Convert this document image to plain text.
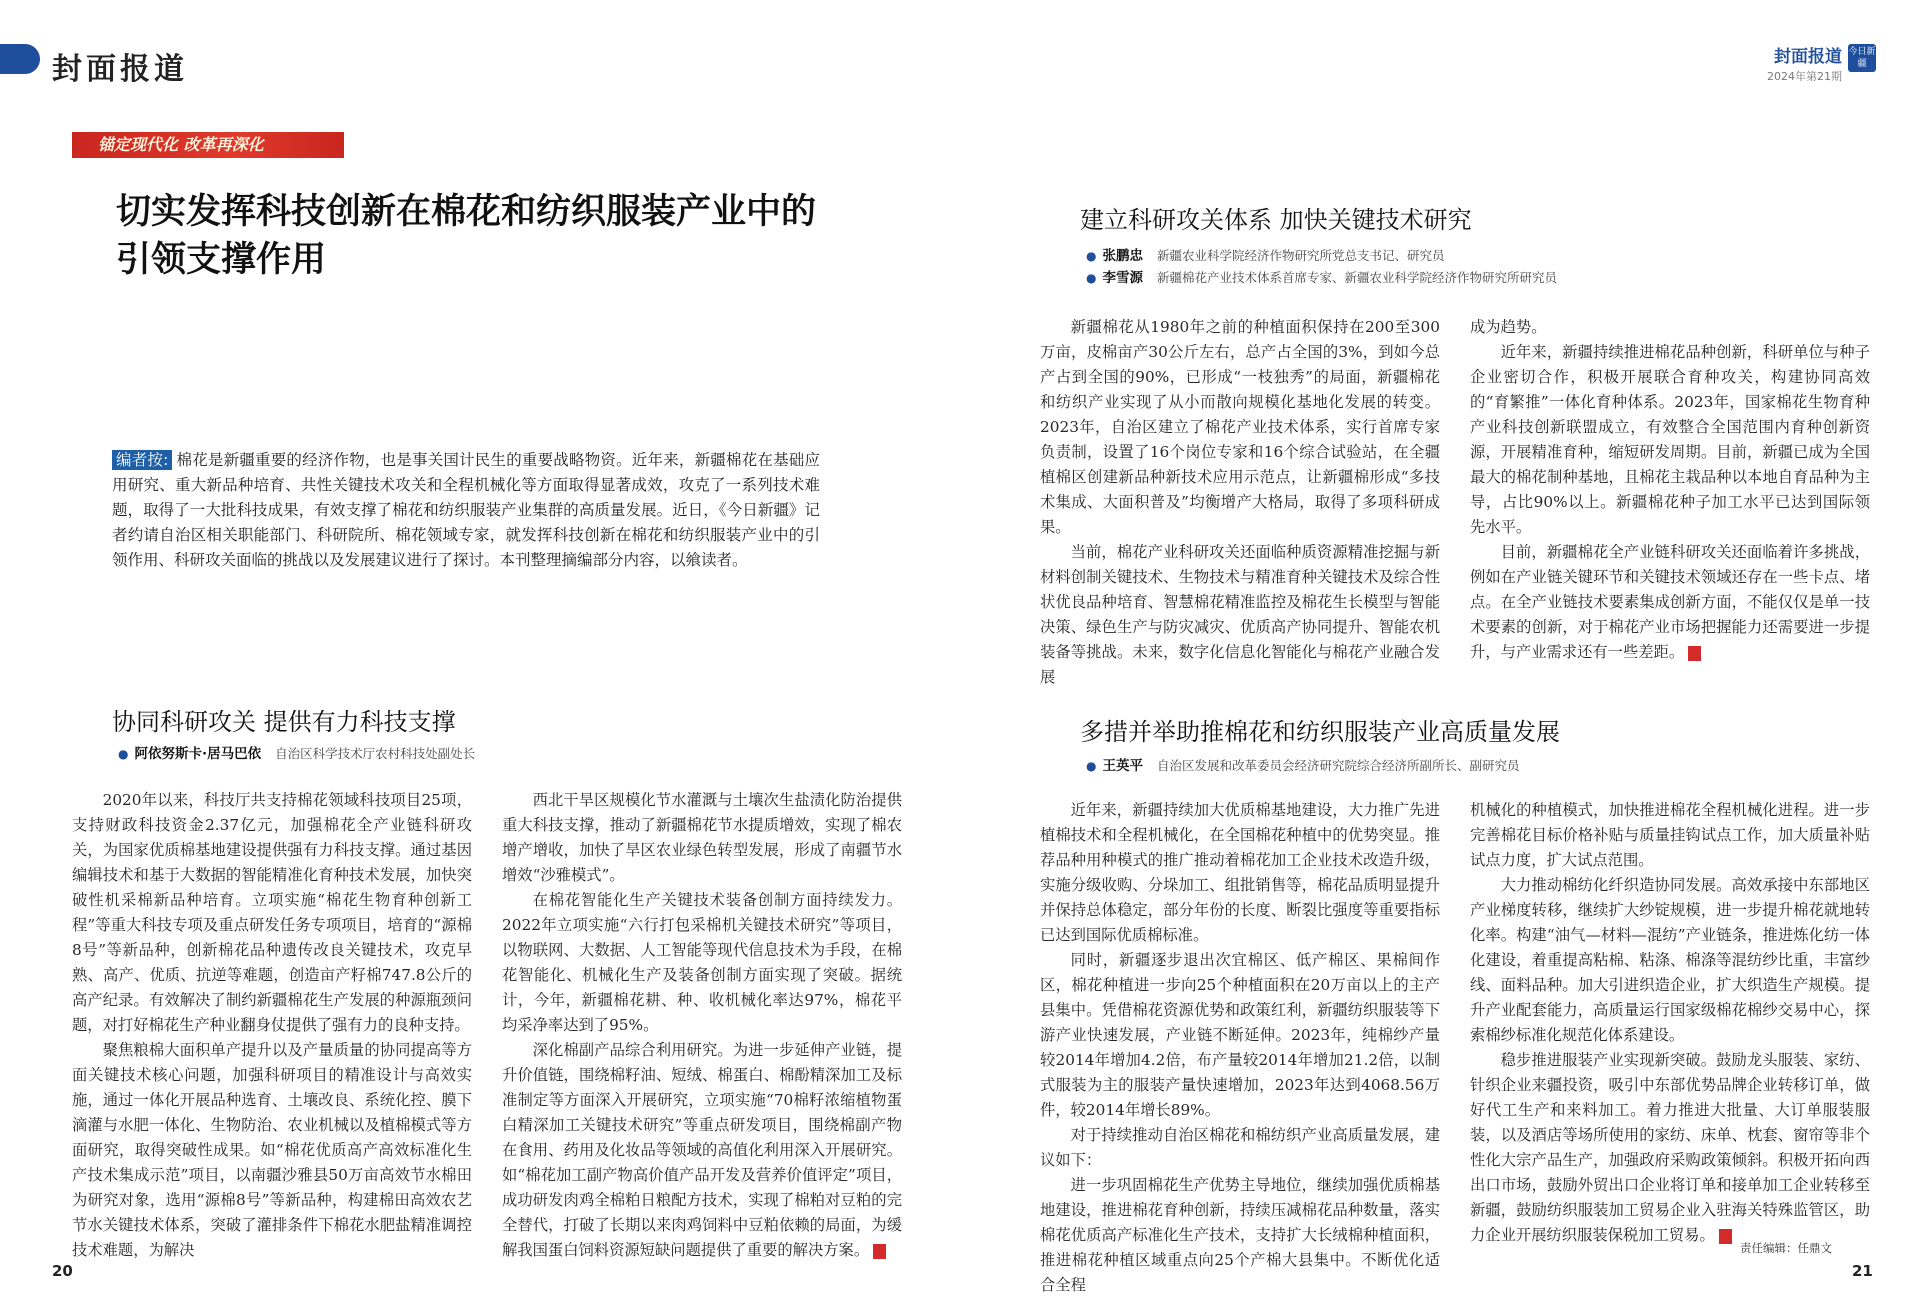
封面报道	封面报道
2024年第21期
今日新疆
锚定现代化 改革再深化
切实发挥科技创新在棉花和纺织服装产业中的引领支撑作用
编者按: 棉花是新疆重要的经济作物，也是事关国计民生的重要战略物资。近年来，新疆棉花在基础应用研究、重大新品种培育、共性关键技术攻关和全程机械化等方面取得显著成效，攻克了一系列技术难题，取得了一大批科技成果，有效支撑了棉花和纺织服装产业集群的高质量发展。近日，《今日新疆》记者约请自治区相关职能部门、科研院所、棉花领域专家，就发挥科技创新在棉花和纺织服装产业中的引领作用、科研攻关面临的挑战以及发展建议进行了探讨。本刊整理摘编部分内容，以飨读者。
协同科研攻关 提供有力科技支撑
● 阿依努斯卡·居马巴依 自治区科学技术厅农村科技处副处长

2020年以来，科技厅共支持棉花领域科技项目25项，支持财政科技资金2.37亿元，加强棉花全产业链科研攻关，为国家优质棉基地建设提供强有力科技支撑。通过基因编辑技术和基于大数据的智能精准化育种技术发展，加快突破性机采棉新品种培育。立项实施“棉花生物育种创新工程”等重大科技专项及重点研发任务专项项目，培育的“源棉8号”等新品种，创新棉花品种遗传改良关键技术，攻克早熟、高产、优质、抗逆等难题，创造亩产籽棉747.8公斤的高产纪录。有效解决了制约新疆棉花生产发展的种源瓶颈问题，对打好棉花生产种业翻身仗提供了强有力的良种支持。

聚焦粮棉大面积单产提升以及产量质量的协同提高等方面关键技术核心问题，加强科研项目的精准设计与高效实施，通过一体化开展品种选育、土壤改良、系统化控、膜下滴灌与水肥一体化、生物防治、农业机械以及植棉模式等方面研究，取得突破性成果。如“棉花优质高产高效标准化生产技术集成示范”项目，以南疆沙雅县50万亩高效节水棉田为研究对象，选用“源棉8号”等新品种，构建棉田高效农艺节水关键技术体系，突破了灌排条件下棉花水肥盐精准调控技术难题，为解决

西北干旱区规模化节水灌溉与土壤次生盐渍化防治提供重大科技支撑，推动了新疆棉花节水提质增效，实现了棉农增产增收，加快了旱区农业绿色转型发展，形成了南疆节水增效“沙雅模式”。

在棉花智能化生产关键技术装备创制方面持续发力。2022年立项实施“六行打包采棉机关键技术研究”等项目，以物联网、大数据、人工智能等现代信息技术为手段，在棉花智能化、机械化生产及装备创制方面实现了突破。据统计，今年，新疆棉花耕、种、收机械化率达97%，棉花平均采净率达到了95%。

深化棉副产品综合利用研究。为进一步延伸产业链，提升价值链，围绕棉籽油、短绒、棉蛋白、棉酚精深加工及标准制定等方面深入开展研究，立项实施“70棉籽浓缩植物蛋白精深加工关键技术研究”等重点研发项目，围绕棉副产物在食用、药用及化妆品等领域的高值化利用深入开展研究。如“棉花加工副产物高价值产品开发及营养价值评定”项目，成功研发肉鸡全棉粕日粮配方技术，实现了棉粕对豆粕的完全替代，打破了长期以来肉鸡饲料中豆粕依赖的局面，为缓解我国蛋白饲料资源短缺问题提供了重要的解决方案。

建立科研攻关体系 加快关键技术研究
● 张鹏忠 新疆农业科学院经济作物研究所党总支书记、研究员
● 李雪源 新疆棉花产业技术体系首席专家、新疆农业科学院经济作物研究所研究员

新疆棉花从1980年之前的种植面积保持在200至300万亩，皮棉亩产30公斤左右，总产占全国的3%，到如今总产占到全国的90%，已形成“一枝独秀”的局面，新疆棉花和纺织产业实现了从小而散向规模化基地化发展的转变。2023年，自治区建立了棉花产业技术体系，实行首席专家负责制，设置了16个岗位专家和16个综合试验站，在全疆植棉区创建新品种新技术应用示范点，让新疆棉形成“多技术集成、大面积普及”均衡增产大格局，取得了多项科研成果。

当前，棉花产业科研攻关还面临种质资源精准挖掘与新材料创制关键技术、生物技术与精准育种关键技术及综合性状优良品种培育、智慧棉花精准监控及棉花生长模型与智能决策、绿色生产与防灾减灾、优质高产协同提升、智能农机装备等挑战。未来，数字化信息化智能化与棉花产业融合发展

成为趋势。

近年来，新疆持续推进棉花品种创新，科研单位与种子企业密切合作，积极开展联合育种攻关，构建协同高效的“育繁推”一体化育种体系。2023年，国家棉花生物育种产业科技创新联盟成立，有效整合全国范围内育种创新资源，开展精准育种，缩短研发周期。目前，新疆已成为全国最大的棉花制种基地，且棉花主栽品种以本地自育品种为主导，占比90%以上。新疆棉花种子加工水平已达到国际领先水平。

目前，新疆棉花全产业链科研攻关还面临着许多挑战，例如在产业链关键环节和关键技术领域还存在一些卡点、堵点。在全产业链技术要素集成创新方面，不能仅仅是单一技术要素的创新，对于棉花产业市场把握能力还需要进一步提升，与产业需求还有一些差距。

多措并举助推棉花和纺织服装产业高质量发展
● 王英平 自治区发展和改革委员会经济研究院综合经济所副所长、副研究员

近年来，新疆持续加大优质棉基地建设，大力推广先进植棉技术和全程机械化，在全国棉花种植中的优势突显。推荐品种用种模式的推广推动着棉花加工企业技术改造升级，实施分级收购、分垛加工、组批销售等，棉花品质明显提升并保持总体稳定，部分年份的长度、断裂比强度等重要指标已达到国际优质棉标准。

同时，新疆逐步退出次宜棉区、低产棉区、果棉间作区，棉花种植进一步向25个种植面积在20万亩以上的主产县集中。凭借棉花资源优势和政策红利，新疆纺织服装等下游产业快速发展，产业链不断延伸。2023年，纯棉纱产量较2014年增加4.2倍，布产量较2014年增加21.2倍，以制式服装为主的服装产量快速增加，2023年达到4068.56万件，较2014年增长89%。

对于持续推动自治区棉花和棉纺织产业高质量发展，建议如下：

进一步巩固棉花生产优势主导地位，继续加强优质棉基地建设，推进棉花育种创新，持续压减棉花品种数量，落实棉花优质高产标准化生产技术，支持扩大长绒棉种植面积，推进棉花种植区域重点向25个产棉大县集中。不断优化适合全程

机械化的种植模式，加快推进棉花全程机械化进程。进一步完善棉花目标价格补贴与质量挂钩试点工作，加大质量补贴试点力度，扩大试点范围。

大力推动棉纺化纤织造协同发展。高效承接中东部地区产业梯度转移，继续扩大纱锭规模，进一步提升棉花就地转化率。构建“油气—材料—混纺”产业链条，推进炼化纺一体化建设，着重提高粘棉、粘涤、棉涤等混纺纱比重，丰富纱线、面料品种。加大引进织造企业，扩大织造生产规模。提升产业配套能力，高质量运行国家级棉花棉纱交易中心，探索棉纱标准化规范化体系建设。

稳步推进服装产业实现新突破。鼓励龙头服装、家纺、针织企业来疆投资，吸引中东部优势品牌企业转移订单，做好代工生产和来料加工。着力推进大批量、大订单服装服装，以及酒店等场所使用的家纺、床单、枕套、窗帘等非个性化大宗产品生产，加强政府采购政策倾斜。积极开拓向西出口市场，鼓励外贸出口企业将订单和接单加工企业转移至新疆，鼓励纺织服装加工贸易企业入驻海关特殊监管区，助力企业开展纺织服装保税加工贸易。

20
责任编辑：任鼎文
21
